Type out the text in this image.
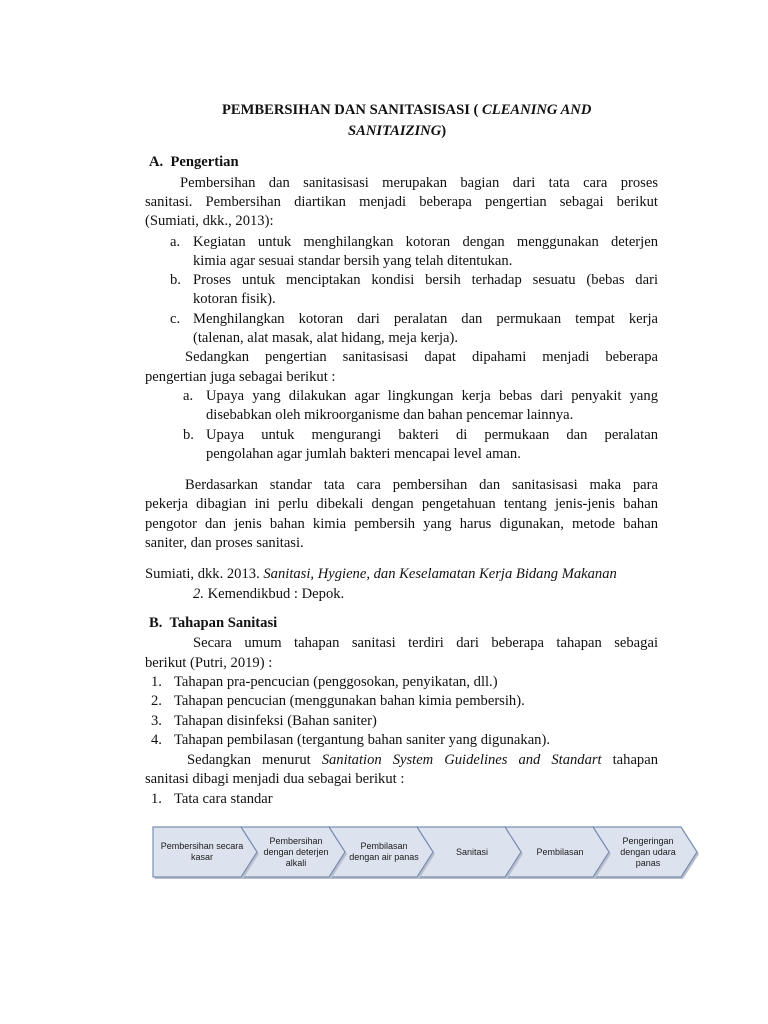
PEMBERSIHAN DAN SANITASISASI ( CLEANING AND
SANITAIZING)
A. Pengertian
Pembersihan dan sanitasisasi merupakan bagian dari tata cara proses
sanitasi. Pembersihan diartikan menjadi beberapa pengertian sebagai berikut
(Sumiati, dkk., 2013):
a. Kegiatan untuk menghilangkan kotoran dengan menggunakan deterjen
kimia agar sesuai standar bersih yang telah ditentukan.
b. Proses untuk menciptakan kondisi bersih terhadap sesuatu (bebas dari
kotoran fisik).
c. Menghilangkan kotoran dari peralatan dan permukaan tempat kerja
(talenan, alat masak, alat hidang, meja kerja).
Sedangkan pengertian sanitasisasi dapat dipahami menjadi beberapa
pengertian juga sebagai berikut :
a. Upaya yang dilakukan agar lingkungan kerja bebas dari penyakit yang
disebabkan oleh mikroorganisme dan bahan pencemar lainnya.
b. Upaya untuk mengurangi bakteri di permukaan dan peralatan
pengolahan agar jumlah bakteri mencapai level aman.
Berdasarkan standar tata cara pembersihan dan sanitasisasi maka para
pekerja dibagian ini perlu dibekali dengan pengetahuan tentang jenis-jenis bahan
pengotor dan jenis bahan kimia pembersih yang harus digunakan, metode bahan
saniter, dan proses sanitasi.
Sumiati, dkk. 2013. Sanitasi, Hygiene, dan Keselamatan Kerja Bidang Makanan
2. Kemendikbud : Depok.
B. Tahapan Sanitasi
Secara umum tahapan sanitasi terdiri dari beberapa tahapan sebagai
berikut (Putri, 2019) :
1. Tahapan pra-pencucian (penggosokan, penyikatan, dll.)
2. Tahapan pencucian (menggunakan bahan kimia pembersih).
3. Tahapan disinfeksi (Bahan saniter)
4. Tahapan pembilasan (tergantung bahan saniter yang digunakan).
Sedangkan menurut Sanitation System Guidelines and Standart tahapan
sanitasi dibagi menjadi dua sebagai berikut :
1. Tata cara standar
Pembersihan secara kasar
Pembersihan dengan deterjen alkali
Pembilasan dengan air panas
Sanitasi	Pembilasan
Pengeringan dengan udara panas
